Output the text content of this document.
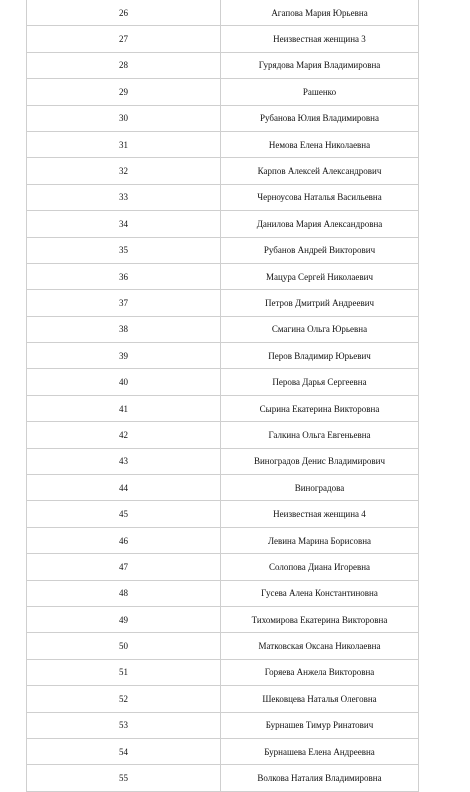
26	Агапова Мария Юрьевна
27	Неизвестная женщина 3
28	Гурядова Мария Владимировна
29	Рашенко
30	Рубанова Юлия Владимировна
31	Немова Елена Николаевна
32	Карпов Алексей Александрович
33	Черноусова Наталья Васильевна
34	Данилова Мария Александровна
35	Рубанов Андрей Викторович
36	Мацура Сергей Николаевич
37	Петров Дмитрий Андреевич
38	Смагина Ольга Юрьевна
39	Перов Владимир Юрьевич
40	Перова Дарья Сергеевна
41	Сырина Екатерина Викторовна
42	Галкина Ольга Евгеньевна
43	Виноградов Денис Владимирович
44	Виноградова
45	Неизвестная женщина 4
46	Левина Марина Борисовна
47	Солопова Диана Игоревна
48	Гусева Алена Константиновна
49	Тихомирова Екатерина Викторовна
50	Матковская Оксана Николаевна
51	Горяева Анжела Викторовна
52	Шековцева Наталья Олеговна
53	Бурнашев Тимур Ринатович
54	Бурнашева Елена Андреевна
55	Волкова Наталия Владимировна
